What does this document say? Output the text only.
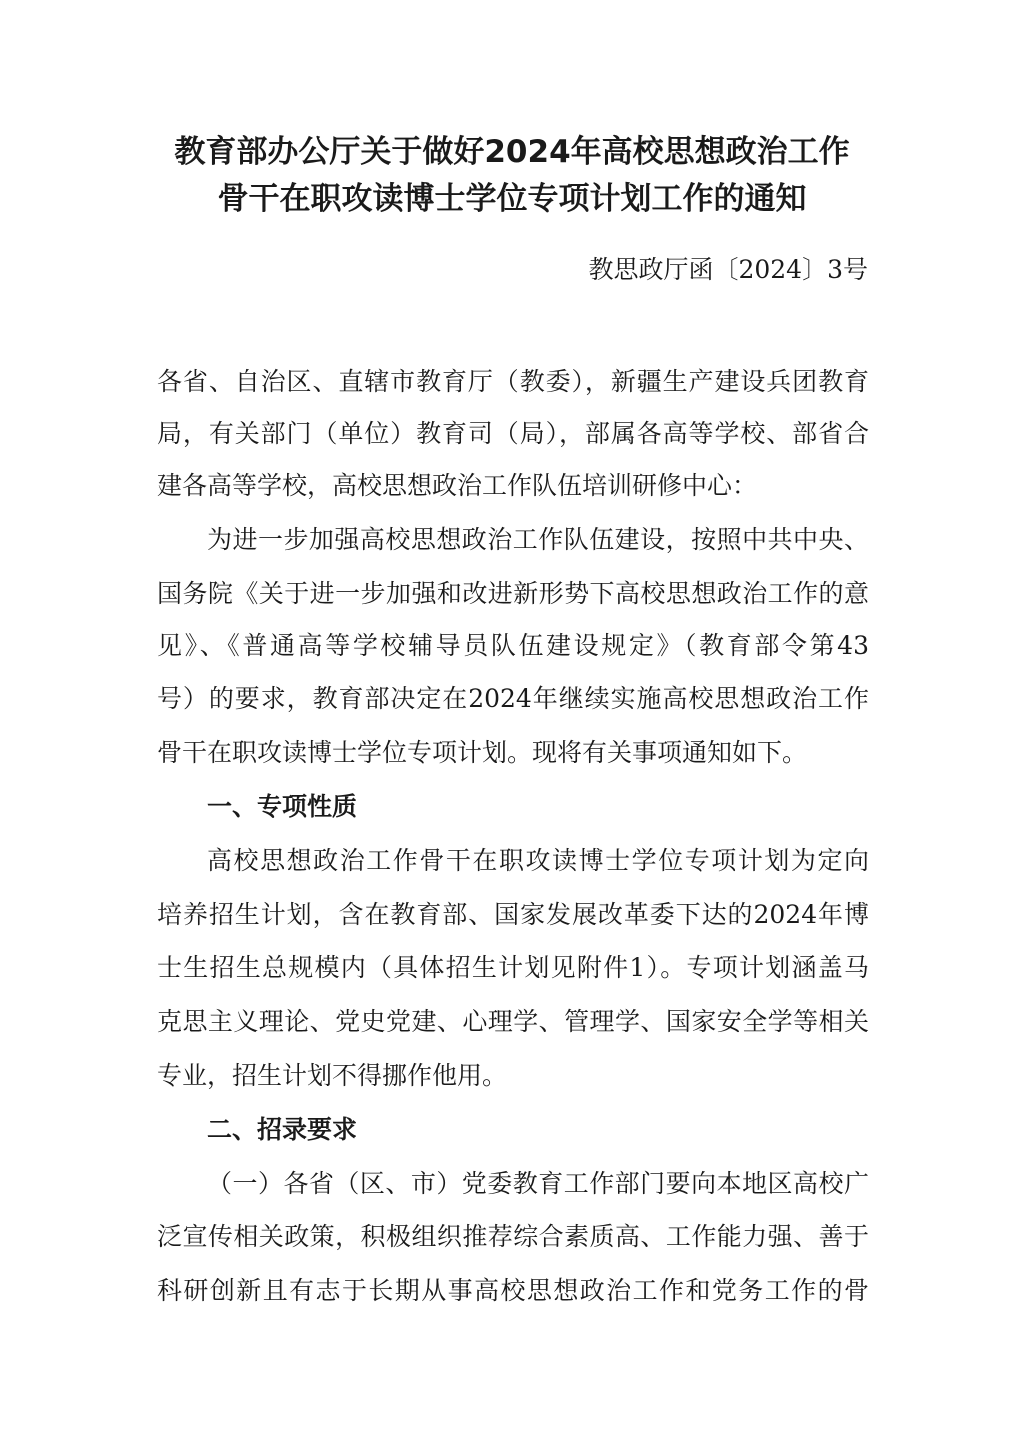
教育部办公厅关于做好2024年高校思想政治工作
骨干在职攻读博士学位专项计划工作的通知
教思政厅函〔2024〕3号
各省、自治区、直辖市教育厅（教委），新疆生产建设兵团教育
局，有关部门（单位）教育司（局），部属各高等学校、部省合
建各高等学校，高校思想政治工作队伍培训研修中心：
为进一步加强高校思想政治工作队伍建设，按照中共中央、
国务院《关于进一步加强和改进新形势下高校思想政治工作的意
见》、《普通高等学校辅导员队伍建设规定》（教育部令第43
号）的要求，教育部决定在2024年继续实施高校思想政治工作
骨干在职攻读博士学位专项计划。现将有关事项通知如下。
一、专项性质
高校思想政治工作骨干在职攻读博士学位专项计划为定向
培养招生计划，含在教育部、国家发展改革委下达的2024年博
士生招生总规模内（具体招生计划见附件1）。专项计划涵盖马
克思主义理论、党史党建、心理学、管理学、国家安全学等相关
专业，招生计划不得挪作他用。
二、招录要求
（一）各省（区、市）党委教育工作部门要向本地区高校广
泛宣传相关政策，积极组织推荐综合素质高、工作能力强、善于
科研创新且有志于长期从事高校思想政治工作和党务工作的骨
